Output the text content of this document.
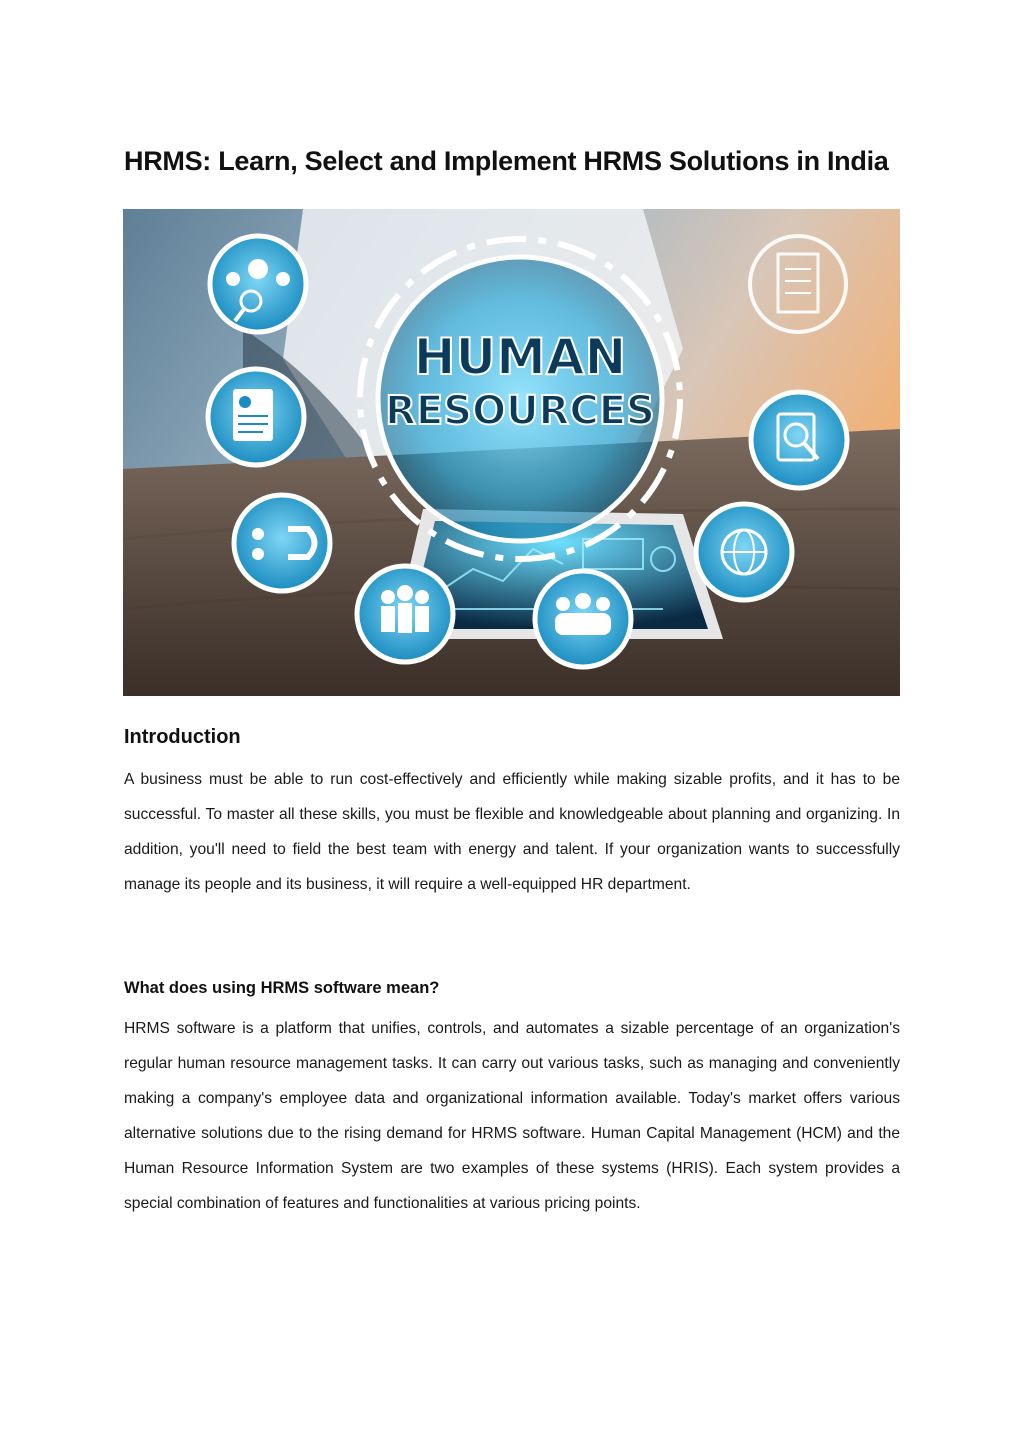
HRMS: Learn, Select and Implement HRMS Solutions in India
HUMAN
RESOURCES
Introduction

A business must be able to run cost-effectively and efficiently while making sizable profits, and it has to be successful. To master all these skills, you must be flexible and knowledgeable about planning and organizing. In addition, you'll need to field the best team with energy and talent. If your organization wants to successfully manage its people and its business, it will require a well-equipped HR department.

What does using HRMS software mean?

HRMS software is a platform that unifies, controls, and automates a sizable percentage of an organization's regular human resource management tasks. It can carry out various tasks, such as managing and conveniently making a company's employee data and organizational information available. Today's market offers various alternative solutions due to the rising demand for HRMS software. Human Capital Management (HCM) and the Human Resource Information System are two examples of these systems (HRIS). Each system provides a special combination of features and functionalities at various pricing points.
